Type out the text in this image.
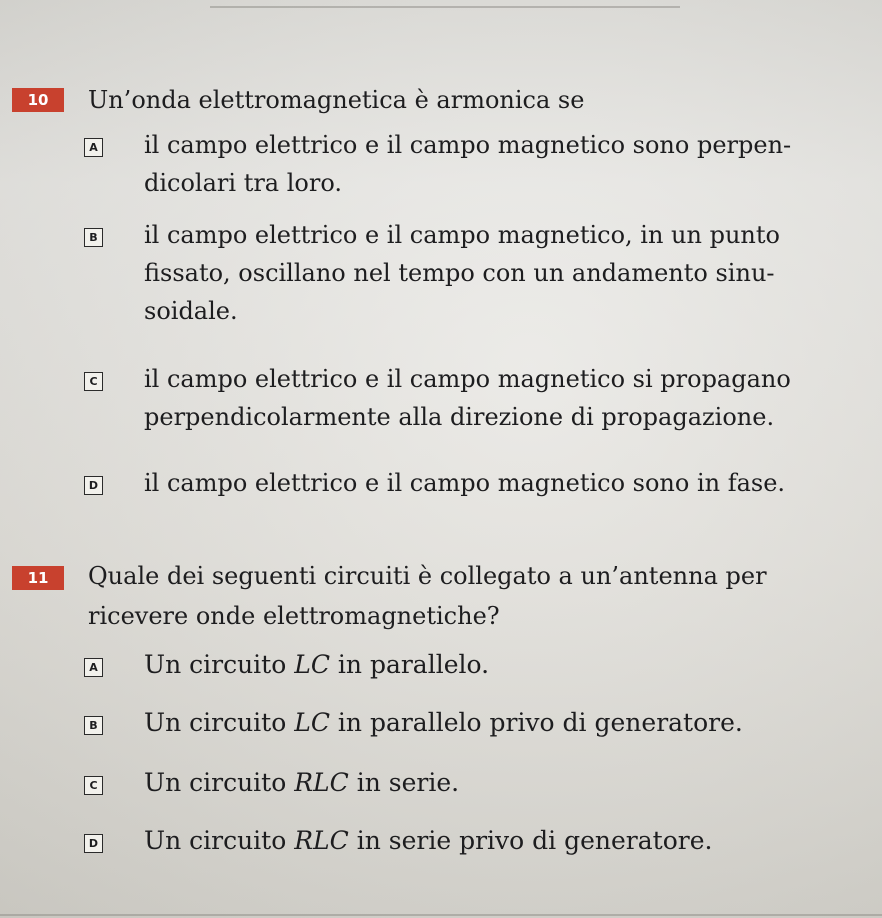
10	Un’onda elettromagnetica è armonica se
A il campo elettrico e il campo magnetico sono perpen-
dicolari tra loro.
B il campo elettrico e il campo magnetico, in un punto
fissato, oscillano nel tempo con un andamento sinu-
soidale.
C il campo elettrico e il campo magnetico si propagano
perpendicolarmente alla direzione di propagazione.
D il campo elettrico e il campo magnetico sono in fase.
11	Quale dei seguenti circuiti è collegato a un’antenna per
ricevere onde elettromagnetiche?
A Un circuito LC in parallelo.
B Un circuito LC in parallelo privo di generatore.
C Un circuito RLC in serie.
D Un circuito RLC in serie privo di generatore.
